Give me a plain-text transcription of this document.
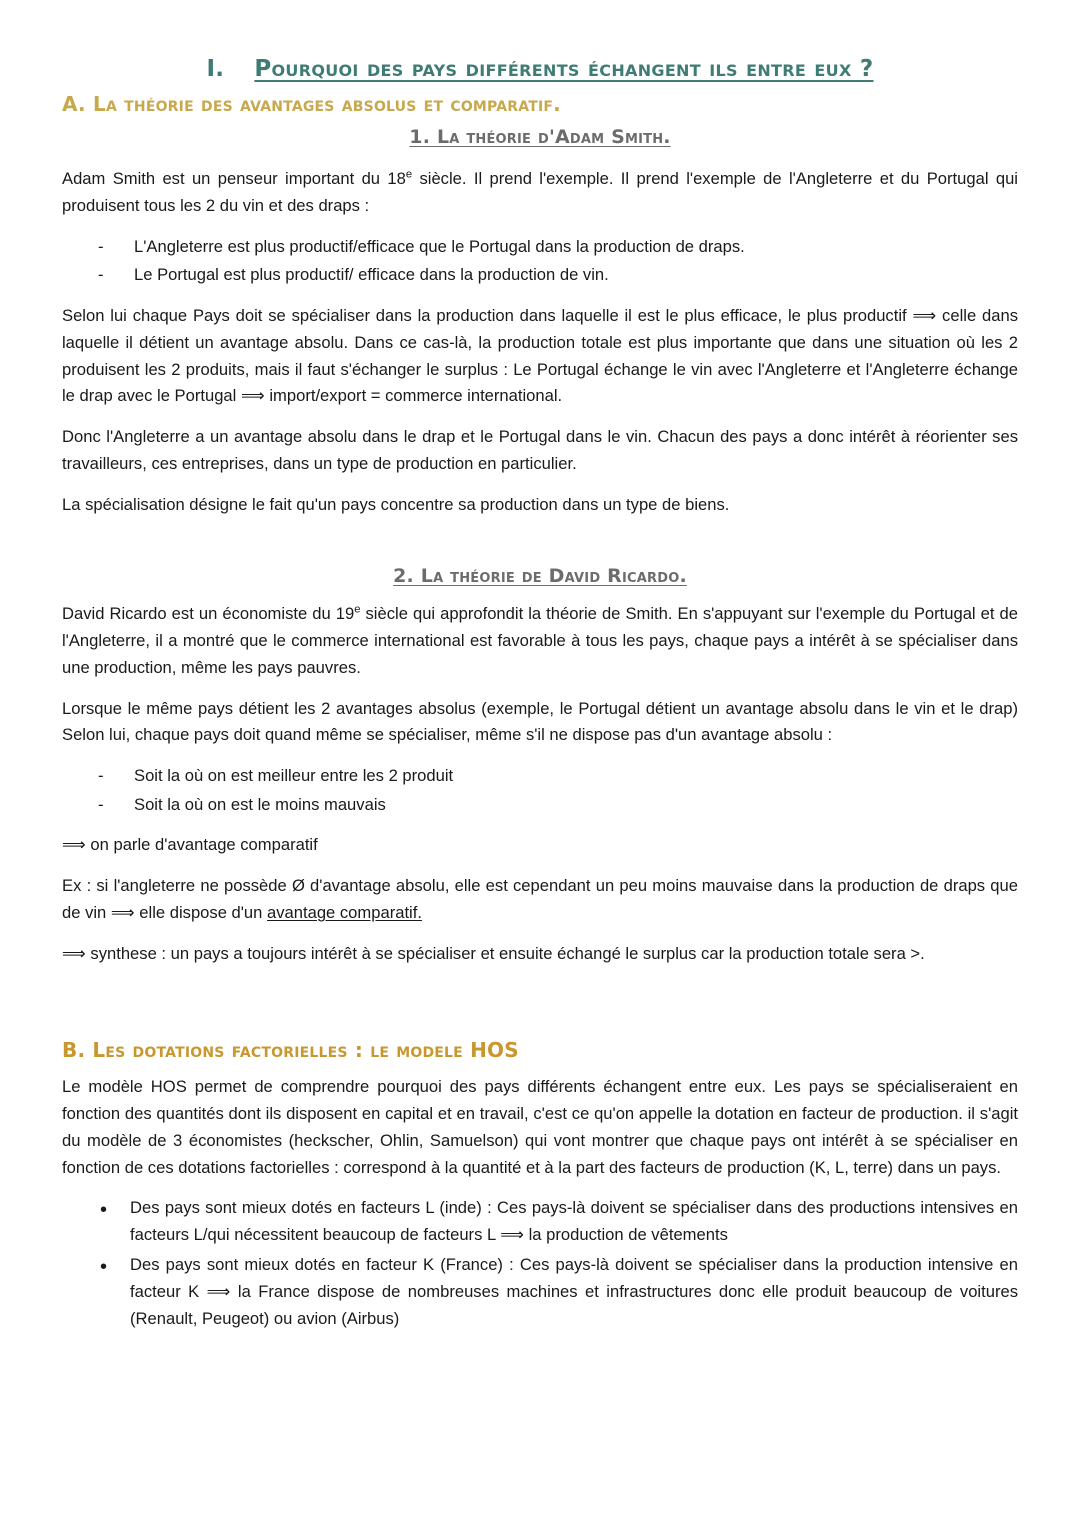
I. Pourquoi des pays différents échangent ils entre eux ?
A. La théorie des avantages absolus et comparatif.
1. La théorie d'Adam Smith.

Adam Smith est un penseur important du 18e siècle. Il prend l'exemple. Il prend l'exemple de l'Angleterre et du Portugal qui produisent tous les 2 du vin et des draps :

- L'Angleterre est plus productif/efficace que le Portugal dans la production de draps.
- Le Portugal est plus productif/ efficace dans la production de vin.

Selon lui chaque Pays doit se spécialiser dans la production dans laquelle il est le plus efficace, le plus productif ⟹ celle dans laquelle il détient un avantage absolu. Dans ce cas-là, la production totale est plus importante que dans une situation où les 2 produisent les 2 produits, mais il faut s'échanger le surplus : Le Portugal échange le vin avec l'Angleterre et l'Angleterre échange le drap avec le Portugal ⟹ import/export = commerce international.

Donc l'Angleterre a un avantage absolu dans le drap et le Portugal dans le vin. Chacun des pays a donc intérêt à réorienter ses travailleurs, ces entreprises, dans un type de production en particulier.

La spécialisation désigne le fait qu'un pays concentre sa production dans un type de biens.

2. La théorie de David Ricardo.

David Ricardo est un économiste du 19e siècle qui approfondit la théorie de Smith. En s'appuyant sur l'exemple du Portugal et de l'Angleterre, il a montré que le commerce international est favorable à tous les pays, chaque pays a intérêt à se spécialiser dans une production, même les pays pauvres.

Lorsque le même pays détient les 2 avantages absolus (exemple, le Portugal détient un avantage absolu dans le vin et le drap) Selon lui, chaque pays doit quand même se spécialiser, même s'il ne dispose pas d'un avantage absolu :

- Soit la où on est meilleur entre les 2 produit
- Soit la où on est le moins mauvais

⟹ on parle d'avantage comparatif

Ex : si l'angleterre ne possède Ø d'avantage absolu, elle est cependant un peu moins mauvaise dans la production de draps que de vin ⟹ elle dispose d'un avantage comparatif.

⟹ synthese : un pays a toujours intérêt à se spécialiser et ensuite échangé le surplus car la production totale sera >.

B. Les dotations factorielles : le modele HOS

Le modèle HOS permet de comprendre pourquoi des pays différents échangent entre eux. Les pays se spécialiseraient en fonction des quantités dont ils disposent en capital et en travail, c'est ce qu'on appelle la dotation en facteur de production. il s'agit du modèle de 3 économistes (heckscher, Ohlin, Samuelson) qui vont montrer que chaque pays ont intérêt à se spécialiser en fonction de ces dotations factorielles : correspond à la quantité et à la part des facteurs de production (K, L, terre) dans un pays.

• Des pays sont mieux dotés en facteurs L (inde) : Ces pays-là doivent se spécialiser dans des productions intensives en facteurs L/qui nécessitent beaucoup de facteurs L ⟹ la production de vêtements
• Des pays sont mieux dotés en facteur K (France) : Ces pays-là doivent se spécialiser dans la production intensive en facteur K ⟹ la France dispose de nombreuses machines et infrastructures donc elle produit beaucoup de voitures (Renault, Peugeot) ou avion (Airbus)
